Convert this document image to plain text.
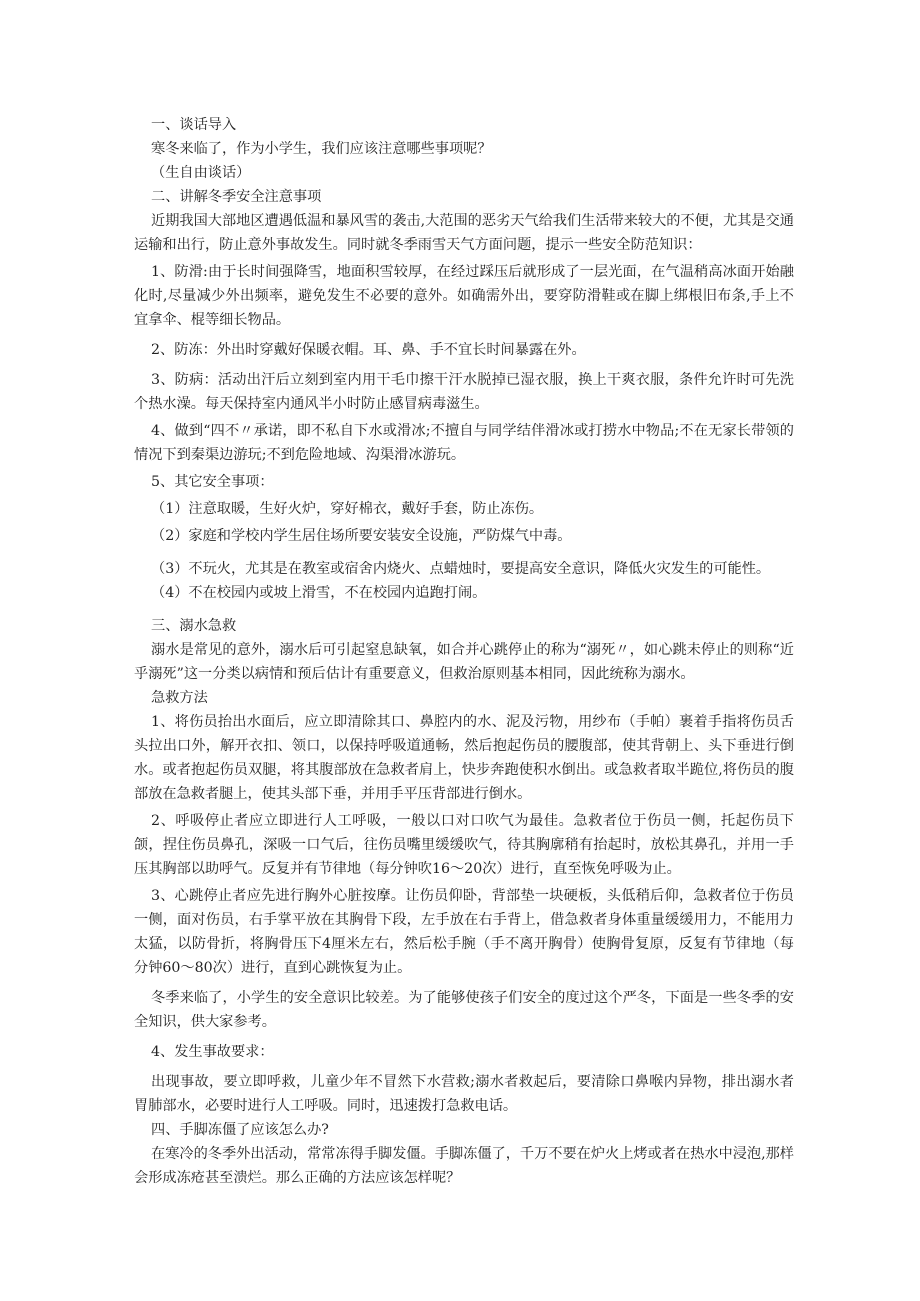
一、谈话导入

寒冬来临了，作为小学生，我们应该注意哪些事项呢？

（生自由谈话）

二、讲解冬季安全注意事项

近期我国大部地区遭遇低温和暴风雪的袭击,大范围的恶劣天气给我们生活带来较大的不便，尤其是交通运输和出行，防止意外事故发生。同时就冬季雨雪天气方面问题，提示一些安全防范知识：

1、防滑:由于长时间强降雪，地面积雪较厚，在经过踩压后就形成了一层光面，在气温稍高冰面开始融化时,尽量减少外出频率，避免发生不必要的意外。如确需外出，要穿防滑鞋或在脚上绑根旧布条,手上不宜拿伞、棍等细长物品。

2、防冻：外出时穿戴好保暖衣帽。耳、鼻、手不宜长时间暴露在外。

3、防病：活动出汗后立刻到室内用干毛巾擦干汗水脱掉已湿衣服，换上干爽衣服，条件允许时可先洗个热水澡。每天保持室内通风半小时防止感冒病毒滋生。

4、做到“四不〃承诺，即不私自下水或滑冰;不擅自与同学结伴滑冰或打捞水中物品;不在无家长带领的情况下到秦渠边游玩;不到危险地域、沟渠滑冰游玩。

5、其它安全事项：

（1）注意取暖，生好火炉，穿好棉衣，戴好手套，防止冻伤。

（2）家庭和学校内学生居住场所要安装安全设施，严防煤气中毒。

（3）不玩火，尤其是在教室或宿舍内烧火、点蜡烛时，要提高安全意识，降低火灾发生的可能性。

（4）不在校园内或坡上滑雪，不在校园内追跑打闹。

三、溺水急救

溺水是常见的意外，溺水后可引起窒息缺氧，如合并心跳停止的称为“溺死〃，如心跳未停止的则称“近乎溺死”这一分类以病情和预后估计有重要意义，但救治原则基本相同，因此统称为溺水。

急救方法

1、将伤员抬出水面后，应立即清除其口、鼻腔内的水、泥及污物，用纱布（手帕）裹着手指将伤员舌头拉出口外，解开衣扣、领口，以保持呼吸道通畅，然后抱起伤员的腰腹部，使其背朝上、头下垂进行倒水。或者抱起伤员双腿，将其腹部放在急救者肩上，快步奔跑使积水倒出。或急救者取半跪位,将伤员的腹部放在急救者腿上，使其头部下垂，并用手平压背部进行倒水。

2、呼吸停止者应立即进行人工呼吸，一般以口对口吹气为最佳。急救者位于伤员一侧，托起伤员下颌，捏住伤员鼻孔，深吸一口气后，往伤员嘴里缓缓吹气，待其胸廓稍有抬起时，放松其鼻孔，并用一手压其胸部以助呼气。反复并有节律地（每分钟吹16～20次）进行，直至恢免呼吸为止。

3、心跳停止者应先进行胸外心脏按摩。让伤员仰卧，背部垫一块硬板，头低稍后仰，急救者位于伤员一侧，面对伤员，右手掌平放在其胸骨下段，左手放在右手背上，借急救者身体重量缓缓用力，不能用力太猛，以防骨折，将胸骨压下4厘米左右，然后松手腕（手不离开胸骨）使胸骨复原，反复有节律地（每分钟60～80次）进行，直到心跳恢复为止。

冬季来临了，小学生的安全意识比较差。为了能够使孩子们安全的度过这个严冬，下面是一些冬季的安全知识，供大家参考。

4、发生事故要求：

出现事故，要立即呼救，儿童少年不冒然下水营救;溺水者救起后，要清除口鼻喉内异物，排出溺水者胃肺部水，必要时进行人工呼吸。同时，迅速拨打急救电话。

四、手脚冻僵了应该怎么办?

在寒冷的冬季外出活动，常常冻得手脚发僵。手脚冻僵了，千万不要在炉火上烤或者在热水中浸泡,那样会形成冻疮甚至溃烂。那么正确的方法应该怎样呢？
